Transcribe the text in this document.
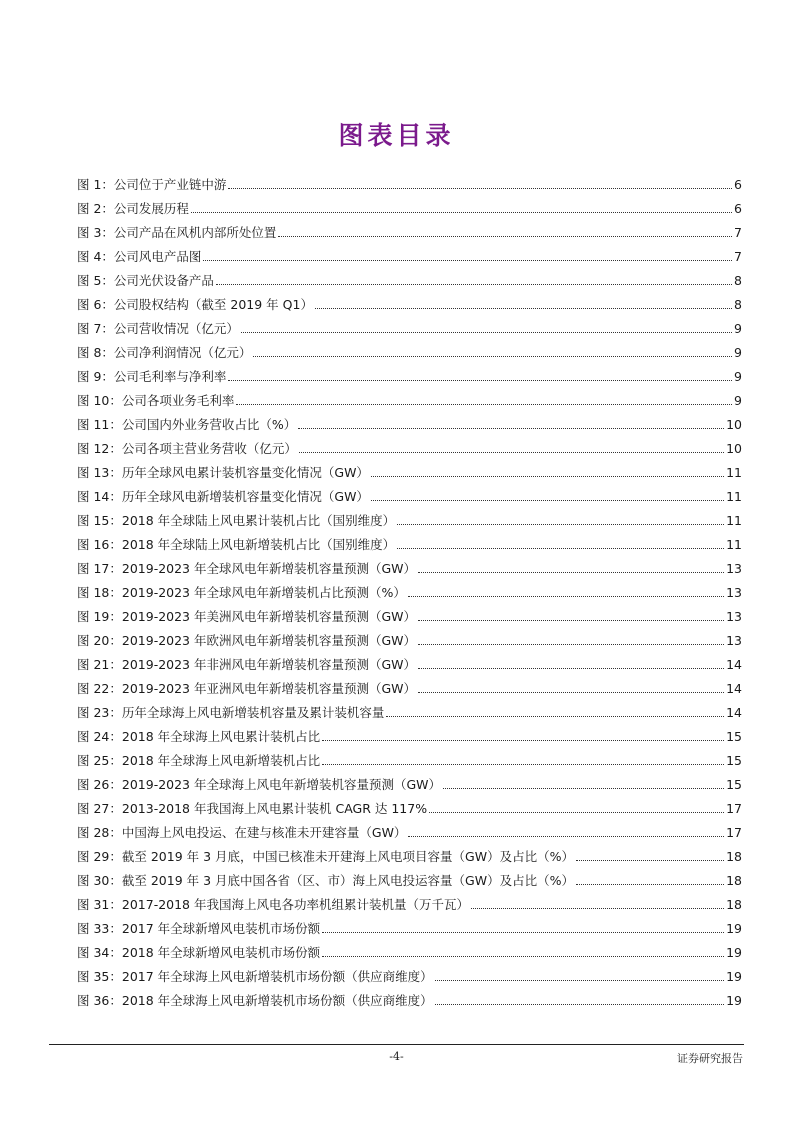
图表目录
图 1：公司位于产业链中游	6
图 2：公司发展历程	6
图 3：公司产品在风机内部所处位置	7
图 4：公司风电产品图	7
图 5：公司光伏设备产品	8
图 6：公司股权结构（截至 2019 年 Q1）	8
图 7：公司营收情况（亿元）	9
图 8：公司净利润情况（亿元）	9
图 9：公司毛利率与净利率	9
图 10：公司各项业务毛利率	9
图 11：公司国内外业务营收占比（%）	10
图 12：公司各项主营业务营收（亿元）	10
图 13：历年全球风电累计装机容量变化情况（GW）	11
图 14：历年全球风电新增装机容量变化情况（GW）	11
图 15：2018 年全球陆上风电累计装机占比（国别维度）	11
图 16：2018 年全球陆上风电新增装机占比（国别维度）	11
图 17：2019-2023 年全球风电年新增装机容量预测（GW）	13
图 18：2019-2023 年全球风电年新增装机占比预测（%）	13
图 19：2019-2023 年美洲风电年新增装机容量预测（GW）	13
图 20：2019-2023 年欧洲风电年新增装机容量预测（GW）	13
图 21：2019-2023 年非洲风电年新增装机容量预测（GW）	14
图 22：2019-2023 年亚洲风电年新增装机容量预测（GW）	14
图 23：历年全球海上风电新增装机容量及累计装机容量	14
图 24：2018 年全球海上风电累计装机占比	15
图 25：2018 年全球海上风电新增装机占比	15
图 26：2019-2023 年全球海上风电年新增装机容量预测（GW）	15
图 27：2013-2018 年我国海上风电累计装机 CAGR 达 117%	17
图 28：中国海上风电投运、在建与核准未开建容量（GW）	17
图 29：截至 2019 年 3 月底，中国已核准未开建海上风电项目容量（GW）及占比（%）	18
图 30：截至 2019 年 3 月底中国各省（区、市）海上风电投运容量（GW）及占比（%）	18
图 31：2017-2018 年我国海上风电各功率机组累计装机量（万千瓦）	18
图 33：2017 年全球新增风电装机市场份额	19
图 34：2018 年全球新增风电装机市场份额	19
图 35：2017 年全球海上风电新增装机市场份额（供应商维度）	19
图 36：2018 年全球海上风电新增装机市场份额（供应商维度）	19
-4-	证券研究报告
